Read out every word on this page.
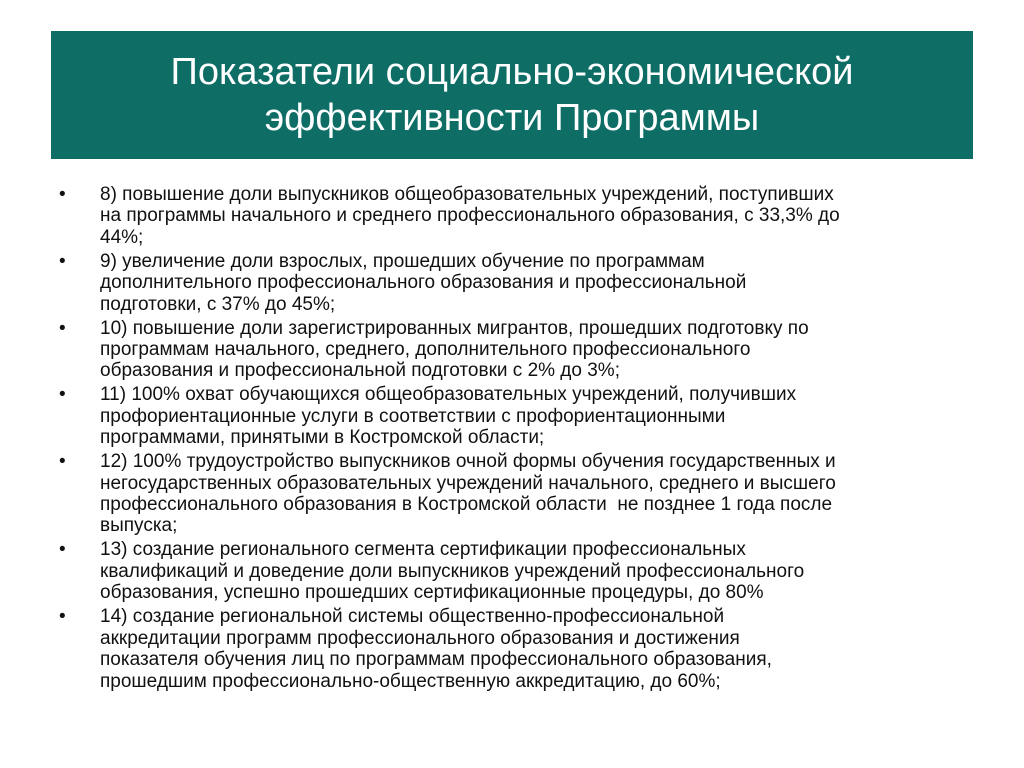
Показатели социально-экономической
эффективности Программы
•	8) повышение доли выпускников общеобразовательных учреждений, поступивших
на программы начального и среднего профессионального образования, с 33,3% до
44%;
•	9) увеличение доли взрослых, прошедших обучение по программам
дополнительного профессионального образования и профессиональной
подготовки, с 37% до 45%;
•	10) повышение доли зарегистрированных мигрантов, прошедших подготовку по
программам начального, среднего, дополнительного профессионального
образования и профессиональной подготовки с 2% до 3%;
•	11) 100% охват обучающихся общеобразовательных учреждений, получивших
профориентационные услуги в соответствии с профориентационными
программами, принятыми в Костромской области;
•	12) 100% трудоустройство выпускников очной формы обучения государственных и
негосударственных образовательных учреждений начального, среднего и высшего
профессионального образования в Костромской области  не позднее 1 года после
выпуска;
•	13) создание регионального сегмента сертификации профессиональных
квалификаций и доведение доли выпускников учреждений профессионального
образования, успешно прошедших сертификационные процедуры, до 80%
•	14) создание региональной системы общественно-профессиональной
аккредитации программ профессионального образования и достижения
показателя обучения лиц по программам профессионального образования,
прошедшим профессионально-общественную аккредитацию, до 60%;
